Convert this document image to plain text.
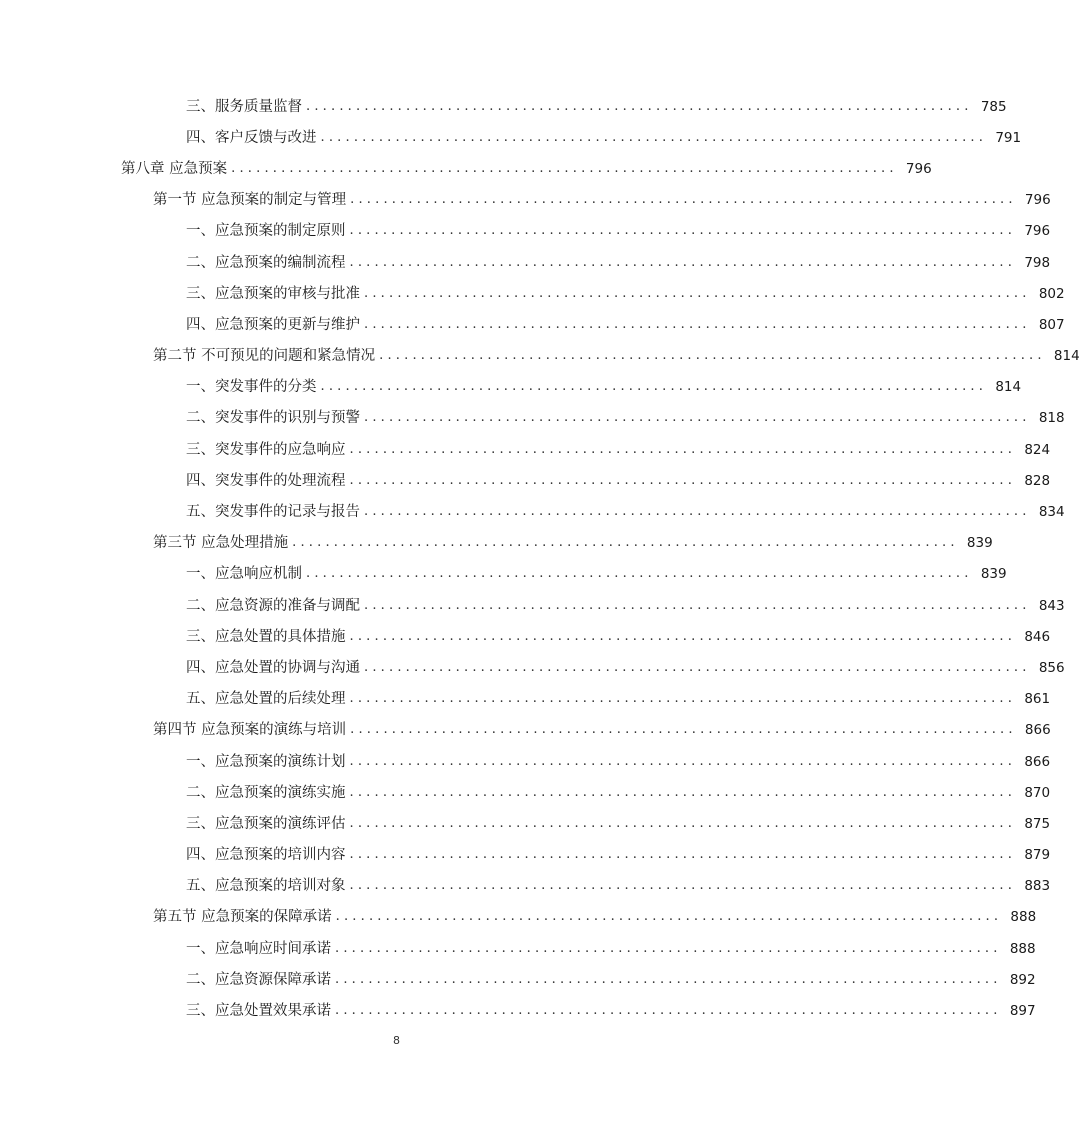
三、服务质量监督 ................................................................................ 785
四、客户反馈与改进 ................................................................................ 791
第八章 应急预案 ................................................................................ 796
第一节 应急预案的制定与管理 ................................................................................ 796
一、应急预案的制定原则 ................................................................................ 796
二、应急预案的编制流程 ................................................................................ 798
三、应急预案的审核与批准 ................................................................................ 802
四、应急预案的更新与维护 ................................................................................ 807
第二节 不可预见的问题和紧急情况 ................................................................................ 814
一、突发事件的分类 ................................................................................ 814
二、突发事件的识别与预警 ................................................................................ 818
三、突发事件的应急响应 ................................................................................ 824
四、突发事件的处理流程 ................................................................................ 828
五、突发事件的记录与报告 ................................................................................ 834
第三节 应急处理措施 ................................................................................ 839
一、应急响应机制 ................................................................................ 839
二、应急资源的准备与调配 ................................................................................ 843
三、应急处置的具体措施 ................................................................................ 846
四、应急处置的协调与沟通 ................................................................................ 856
五、应急处置的后续处理 ................................................................................ 861
第四节 应急预案的演练与培训 ................................................................................ 866
一、应急预案的演练计划 ................................................................................ 866
二、应急预案的演练实施 ................................................................................ 870
三、应急预案的演练评估 ................................................................................ 875
四、应急预案的培训内容 ................................................................................ 879
五、应急预案的培训对象 ................................................................................ 883
第五节 应急预案的保障承诺 ................................................................................ 888
一、应急响应时间承诺 ................................................................................ 888
二、应急资源保障承诺 ................................................................................ 892
三、应急处置效果承诺 ................................................................................ 897
8
